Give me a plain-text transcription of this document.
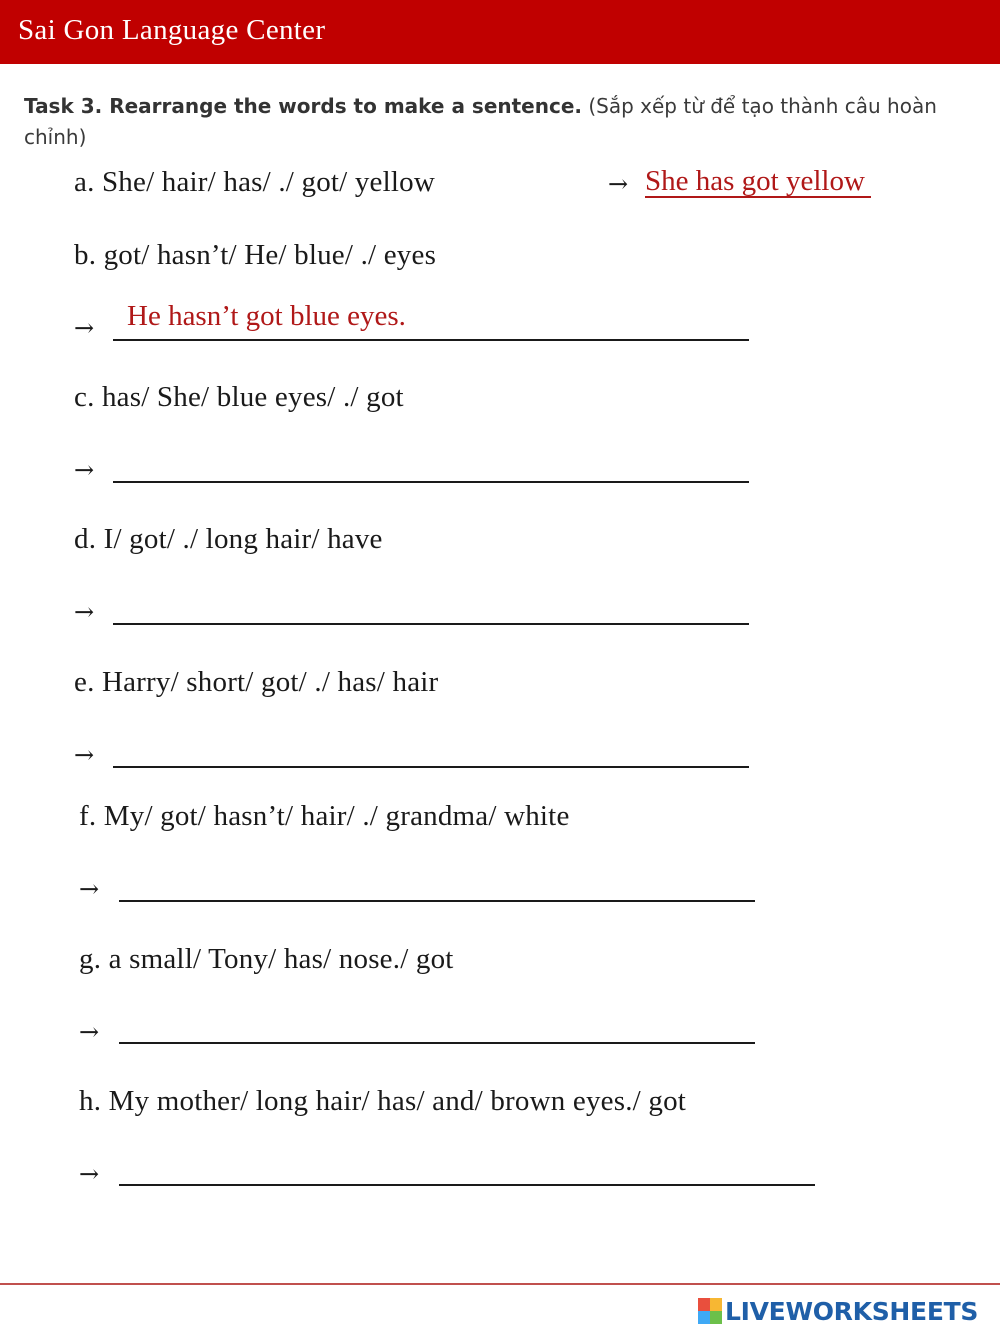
Sai Gon Language Center
Task 3. Rearrange the words to make a sentence. (Sắp xếp từ để tạo thành câu hoàn chỉnh)
a. She/ hair/ has/ ./ got/ yellow	→ She has got yellow
b. got/ hasn’t/ He/ blue/ ./ eyes
→ He hasn’t got blue eyes.
c. has/ She/ blue eyes/ ./ got
→
d. I/ got/ ./ long hair/ have
→
e. Harry/ short/ got/ ./ has/ hair
→
f. My/ got/ hasn’t/ hair/ ./ grandma/ white
→
g. a small/ Tony/ has/ nose./ got
→
h. My mother/ long hair/ has/ and/ brown eyes./ got
→
LIVEWORKSHEETS
